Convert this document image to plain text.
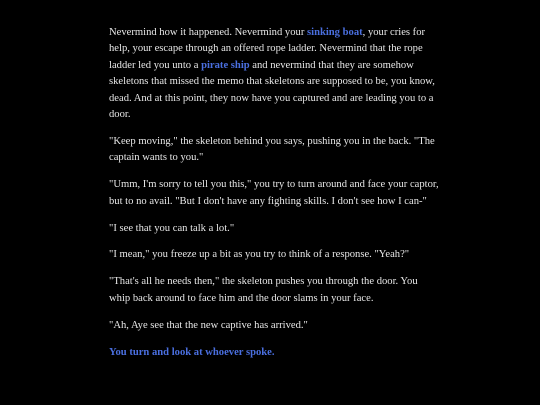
Nevermind how it happened. Nevermind your sinking boat, your cries for help, your escape through an offered rope ladder. Nevermind that the rope ladder led you unto a pirate ship and nevermind that they are somehow skeletons that missed the memo that skeletons are supposed to be, you know, dead. And at this point, they now have you captured and are leading you to a door.

"Keep moving," the skeleton behind you says, pushing you in the back. "The captain wants to you."

"Umm, I'm sorry to tell you this," you try to turn around and face your captor, but to no avail. "But I don't have any fighting skills. I don't see how I can-"

"I see that you can talk a lot."

"I mean," you freeze up a bit as you try to think of a response. "Yeah?"

"That's all he needs then," the skeleton pushes you through the door. You whip back around to face him and the door slams in your face.

"Ah, Aye see that the new captive has arrived."

You turn and look at whoever spoke.
